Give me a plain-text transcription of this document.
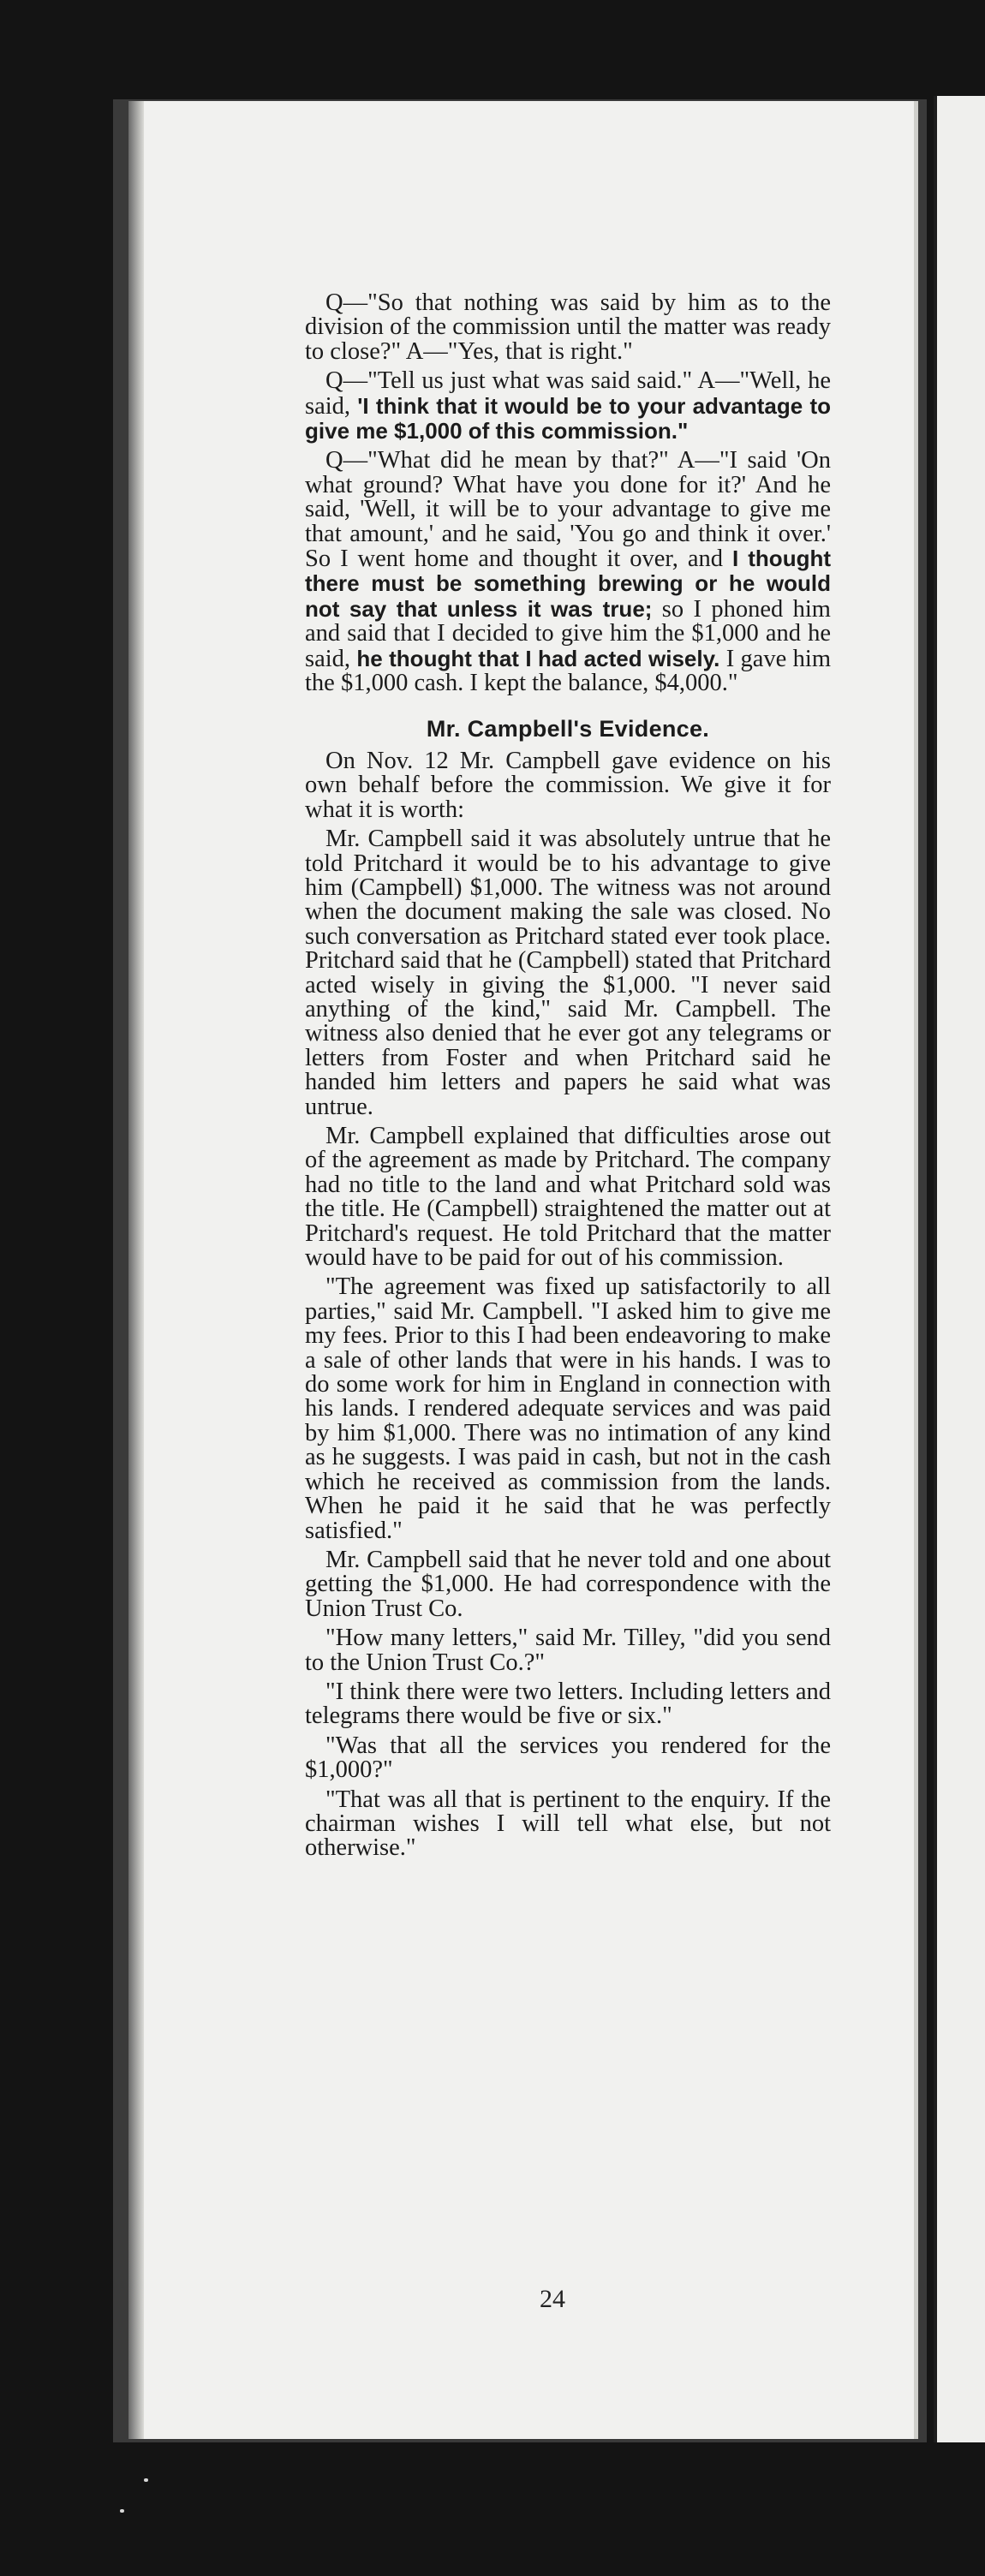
Q—"So that nothing was said by him as to the division of the commission until the matter was ready to close?" A—"Yes, that is right."

Q—"Tell us just what was said said." A—"Well, he said, 'I think that it would be to your advantage to give me $1,000 of this commission."

Q—"What did he mean by that?" A—"I said 'On what ground? What have you done for it?' And he said, 'Well, it will be to your advantage to give me that amount,' and he said, 'You go and think it over.' So I went home and thought it over, and I thought there must be something brewing or he would not say that unless it was true; so I phoned him and said that I decided to give him the $1,000 and he said, he thought that I had acted wisely. I gave him the $1,000 cash. I kept the balance, $4,000."

Mr. Campbell's Evidence.

On Nov. 12 Mr. Campbell gave evidence on his own behalf before the commission. We give it for what it is worth:

Mr. Campbell said it was absolutely untrue that he told Pritchard it would be to his advantage to give him (Campbell) $1,000. The witness was not around when the document making the sale was closed. No such conversation as Pritchard stated ever took place. Pritchard said that he (Campbell) stated that Pritchard acted wisely in giving the $1,000. "I never said anything of the kind," said Mr. Campbell. The witness also denied that he ever got any telegrams or letters from Foster and when Pritchard said he handed him letters and papers he said what was untrue.

Mr. Campbell explained that difficulties arose out of the agreement as made by Pritchard. The company had no title to the land and what Pritchard sold was the title. He (Campbell) straightened the matter out at Pritchard's request. He told Pritchard that the matter would have to be paid for out of his commission.

"The agreement was fixed up satisfactorily to all parties," said Mr. Campbell. "I asked him to give me my fees. Prior to this I had been endeavoring to make a sale of other lands that were in his hands. I was to do some work for him in England in connection with his lands. I rendered adequate services and was paid by him $1,000. There was no intimation of any kind as he suggests. I was paid in cash, but not in the cash which he received as commission from the lands. When he paid it he said that he was perfectly satisfied."

Mr. Campbell said that he never told and one about getting the $1,000. He had correspondence with the Union Trust Co.

"How many letters," said Mr. Tilley, "did you send to the Union Trust Co.?"

"I think there were two letters. Including letters and telegrams there would be five or six."

"Was that all the services you rendered for the $1,000?"

"That was all that is pertinent to the enquiry. If the chairman wishes I will tell what else, but not otherwise."

24
